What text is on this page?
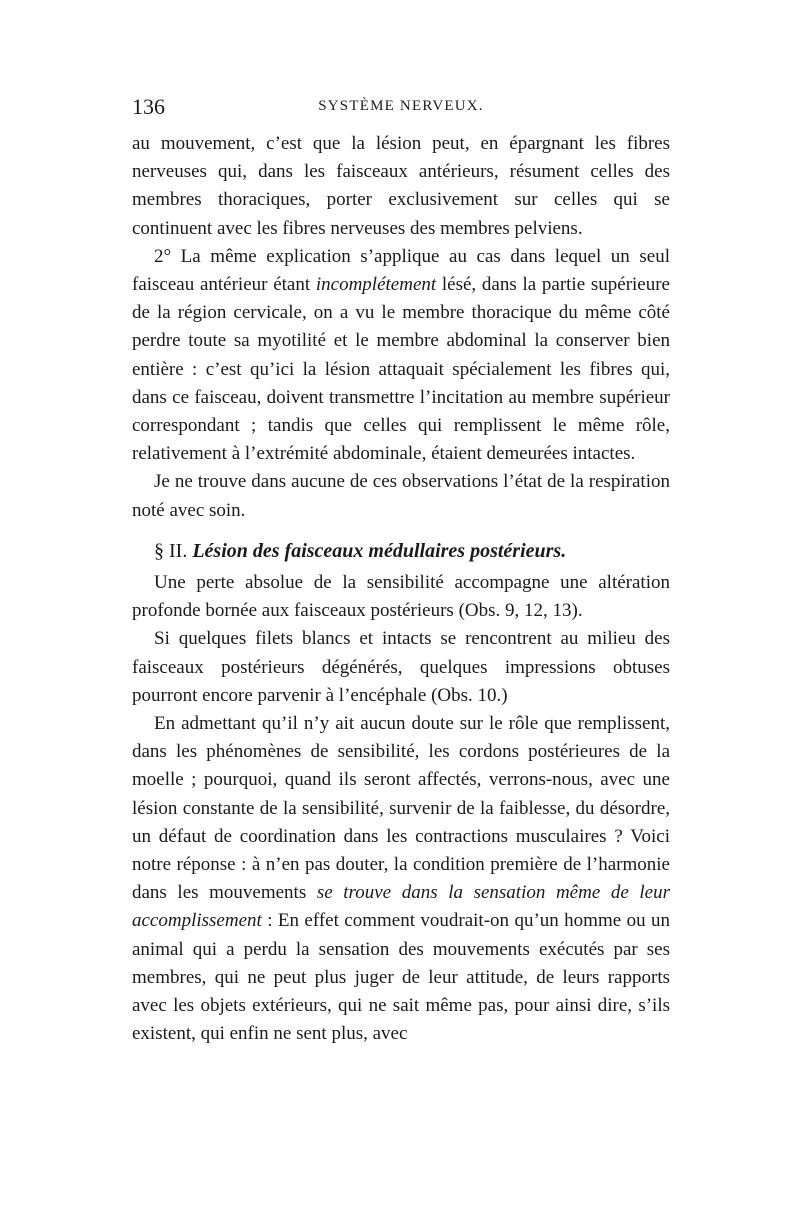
136	SYSTÈME NERVEUX.

au mouvement, c’est que la lésion peut, en épargnant les fibres nerveuses qui, dans les faisceaux antérieurs, résument celles des membres thoraciques, porter exclusivement sur celles qui se continuent avec les fibres nerveuses des membres pelviens.

2° La même explication s’applique au cas dans lequel un seul faisceau antérieur étant incomplétement lésé, dans la partie supérieure de la région cervicale, on a vu le membre thoracique du même côté perdre toute sa myotilité et le membre abdominal la conserver bien entière : c’est qu’ici la lésion attaquait spécialement les fibres qui, dans ce faisceau, doivent transmettre l’incitation au membre supérieur correspondant ; tandis que celles qui remplissent le même rôle, relativement à l’extrémité abdominale, étaient demeurées intactes.

Je ne trouve dans aucune de ces observations l’état de la respiration noté avec soin.

§ II. Lésion des faisceaux médullaires postérieurs.

Une perte absolue de la sensibilité accompagne une altération profonde bornée aux faisceaux postérieurs (Obs. 9, 12, 13).

Si quelques filets blancs et intacts se rencontrent au milieu des faisceaux postérieurs dégénérés, quelques impressions obtuses pourront encore parvenir à l’encéphale (Obs. 10.)

En admettant qu’il n’y ait aucun doute sur le rôle que remplissent, dans les phénomènes de sensibilité, les cordons postérieures de la moelle ; pourquoi, quand ils seront affectés, verrons-nous, avec une lésion constante de la sensibilité, survenir de la faiblesse, du désordre, un défaut de coordination dans les contractions musculaires ? Voici notre réponse : à n’en pas douter, la condition première de l’harmonie dans les mouvements se trouve dans la sensation même de leur accomplissement : En effet comment voudrait-on qu’un homme ou un animal qui a perdu la sensation des mouvements exécutés par ses membres, qui ne peut plus juger de leur attitude, de leurs rapports avec les objets extérieurs, qui ne sait même pas, pour ainsi dire, s’ils existent, qui enfin ne sent plus, avec
